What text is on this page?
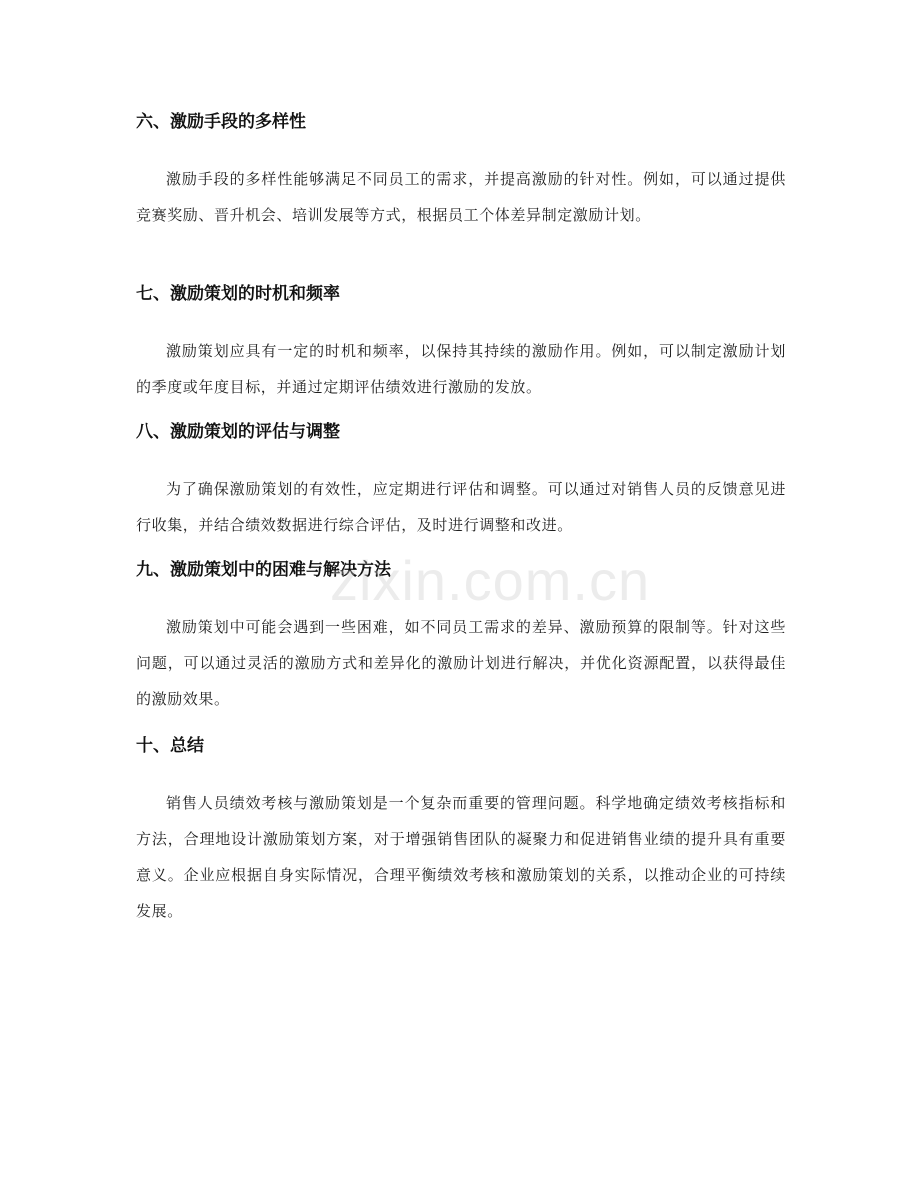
六、激励手段的多样性

激励手段的多样性能够满足不同员工的需求，并提高激励的针对性。例如，可以通过提供竞赛奖励、晋升机会、培训发展等方式，根据员工个体差异制定激励计划。

七、激励策划的时机和频率

激励策划应具有一定的时机和频率，以保持其持续的激励作用。例如，可以制定激励计划的季度或年度目标，并通过定期评估绩效进行激励的发放。

八、激励策划的评估与调整

为了确保激励策划的有效性，应定期进行评估和调整。可以通过对销售人员的反馈意见进行收集，并结合绩效数据进行综合评估，及时进行调整和改进。

九、激励策划中的困难与解决方法

激励策划中可能会遇到一些困难，如不同员工需求的差异、激励预算的限制等。针对这些问题，可以通过灵活的激励方式和差异化的激励计划进行解决，并优化资源配置，以获得最佳的激励效果。

十、总结

销售人员绩效考核与激励策划是一个复杂而重要的管理问题。科学地确定绩效考核指标和方法，合理地设计激励策划方案，对于增强销售团队的凝聚力和促进销售业绩的提升具有重要意义。企业应根据自身实际情况，合理平衡绩效考核和激励策划的关系，以推动企业的可持续发展。

zixin.com.cn
